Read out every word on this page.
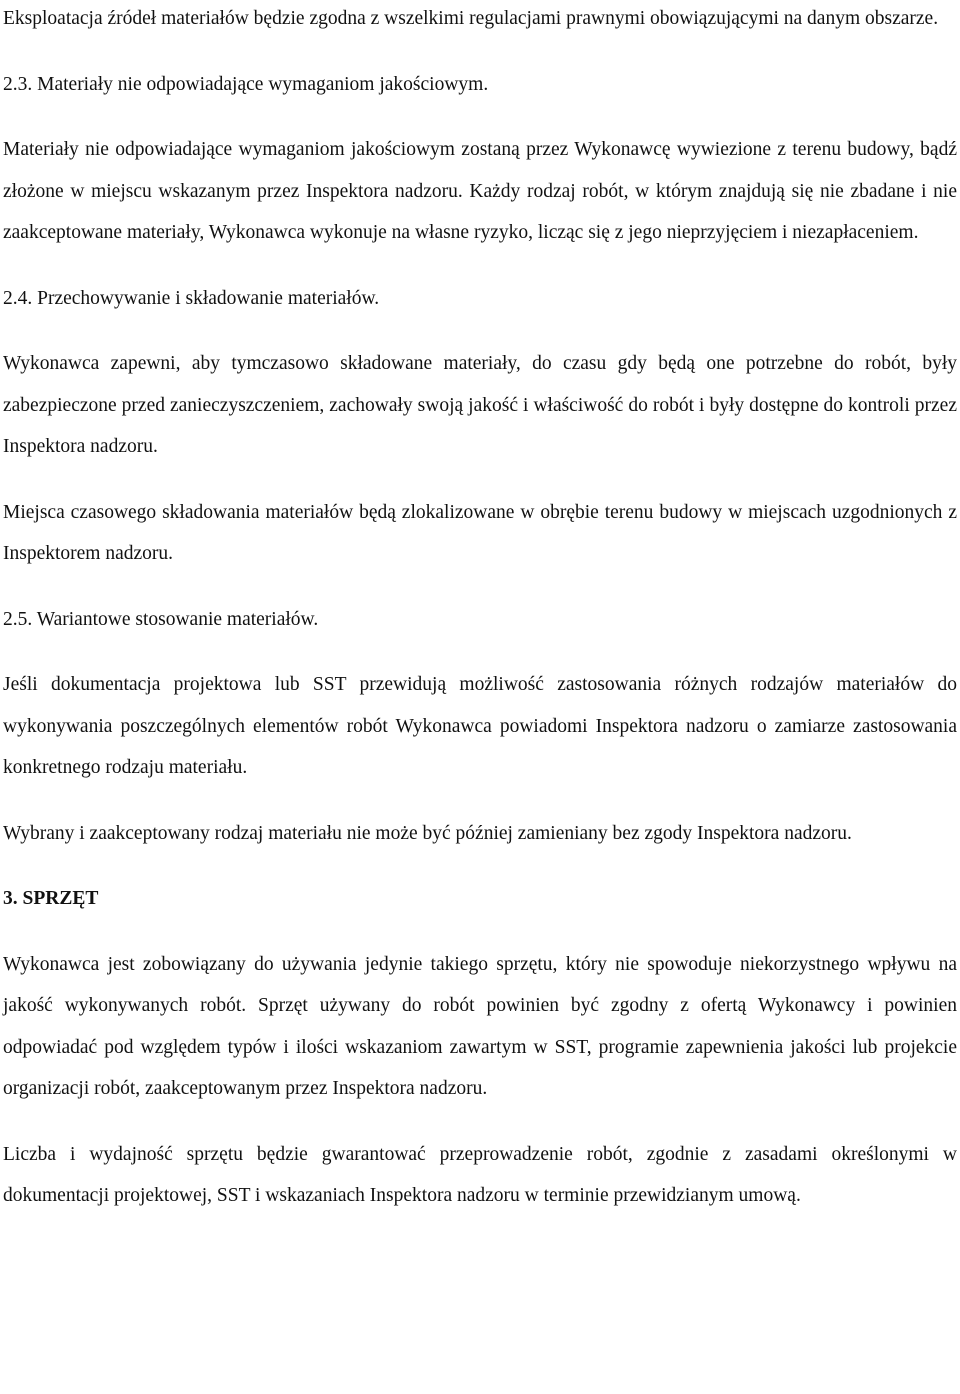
Eksploatacja źródeł materiałów będzie zgodna z wszelkimi regulacjami prawnymi obowiązującymi na danym obszarze.

2.3. Materiały nie odpowiadające wymaganiom jakościowym.

Materiały nie odpowiadające wymaganiom jakościowym zostaną przez Wykonawcę wywiezione z terenu budowy, bądź złożone w miejscu wskazanym przez Inspektora nadzoru. Każdy rodzaj robót, w którym znajdują się nie zbadane i nie zaakceptowane materiały, Wykonawca wykonuje na własne ryzyko, licząc się z jego nieprzyjęciem i niezapłaceniem.

2.4. Przechowywanie i składowanie materiałów.

Wykonawca zapewni, aby tymczasowo składowane materiały, do czasu gdy będą one potrzebne do robót, były zabezpieczone przed zanieczyszczeniem, zachowały swoją jakość i właściwość do robót i były dostępne do kontroli przez Inspektora nadzoru.

Miejsca czasowego składowania materiałów będą zlokalizowane w obrębie terenu budowy w miejscach uzgodnionych z Inspektorem nadzoru.

2.5. Wariantowe stosowanie materiałów.

Jeśli dokumentacja projektowa lub SST przewidują możliwość zastosowania różnych rodzajów materiałów do wykonywania poszczególnych elementów robót Wykonawca powiadomi Inspektora nadzoru o zamiarze zastosowania konkretnego rodzaju materiału.

Wybrany i zaakceptowany rodzaj materiału nie może być później zamieniany bez zgody Inspektora nadzoru.

3. SPRZĘT

Wykonawca jest zobowiązany do używania jedynie takiego sprzętu, który nie spowoduje niekorzystnego wpływu na jakość wykonywanych robót. Sprzęt używany do robót powinien być zgodny z ofertą Wykonawcy i powinien odpowiadać pod względem typów i ilości wskazaniom zawartym w SST, programie zapewnienia jakości lub projekcie organizacji robót, zaakceptowanym przez Inspektora nadzoru.

Liczba i wydajność sprzętu będzie gwarantować przeprowadzenie robót, zgodnie z zasadami określonymi w dokumentacji projektowej, SST i wskazaniach Inspektora nadzoru w terminie przewidzianym umową.
